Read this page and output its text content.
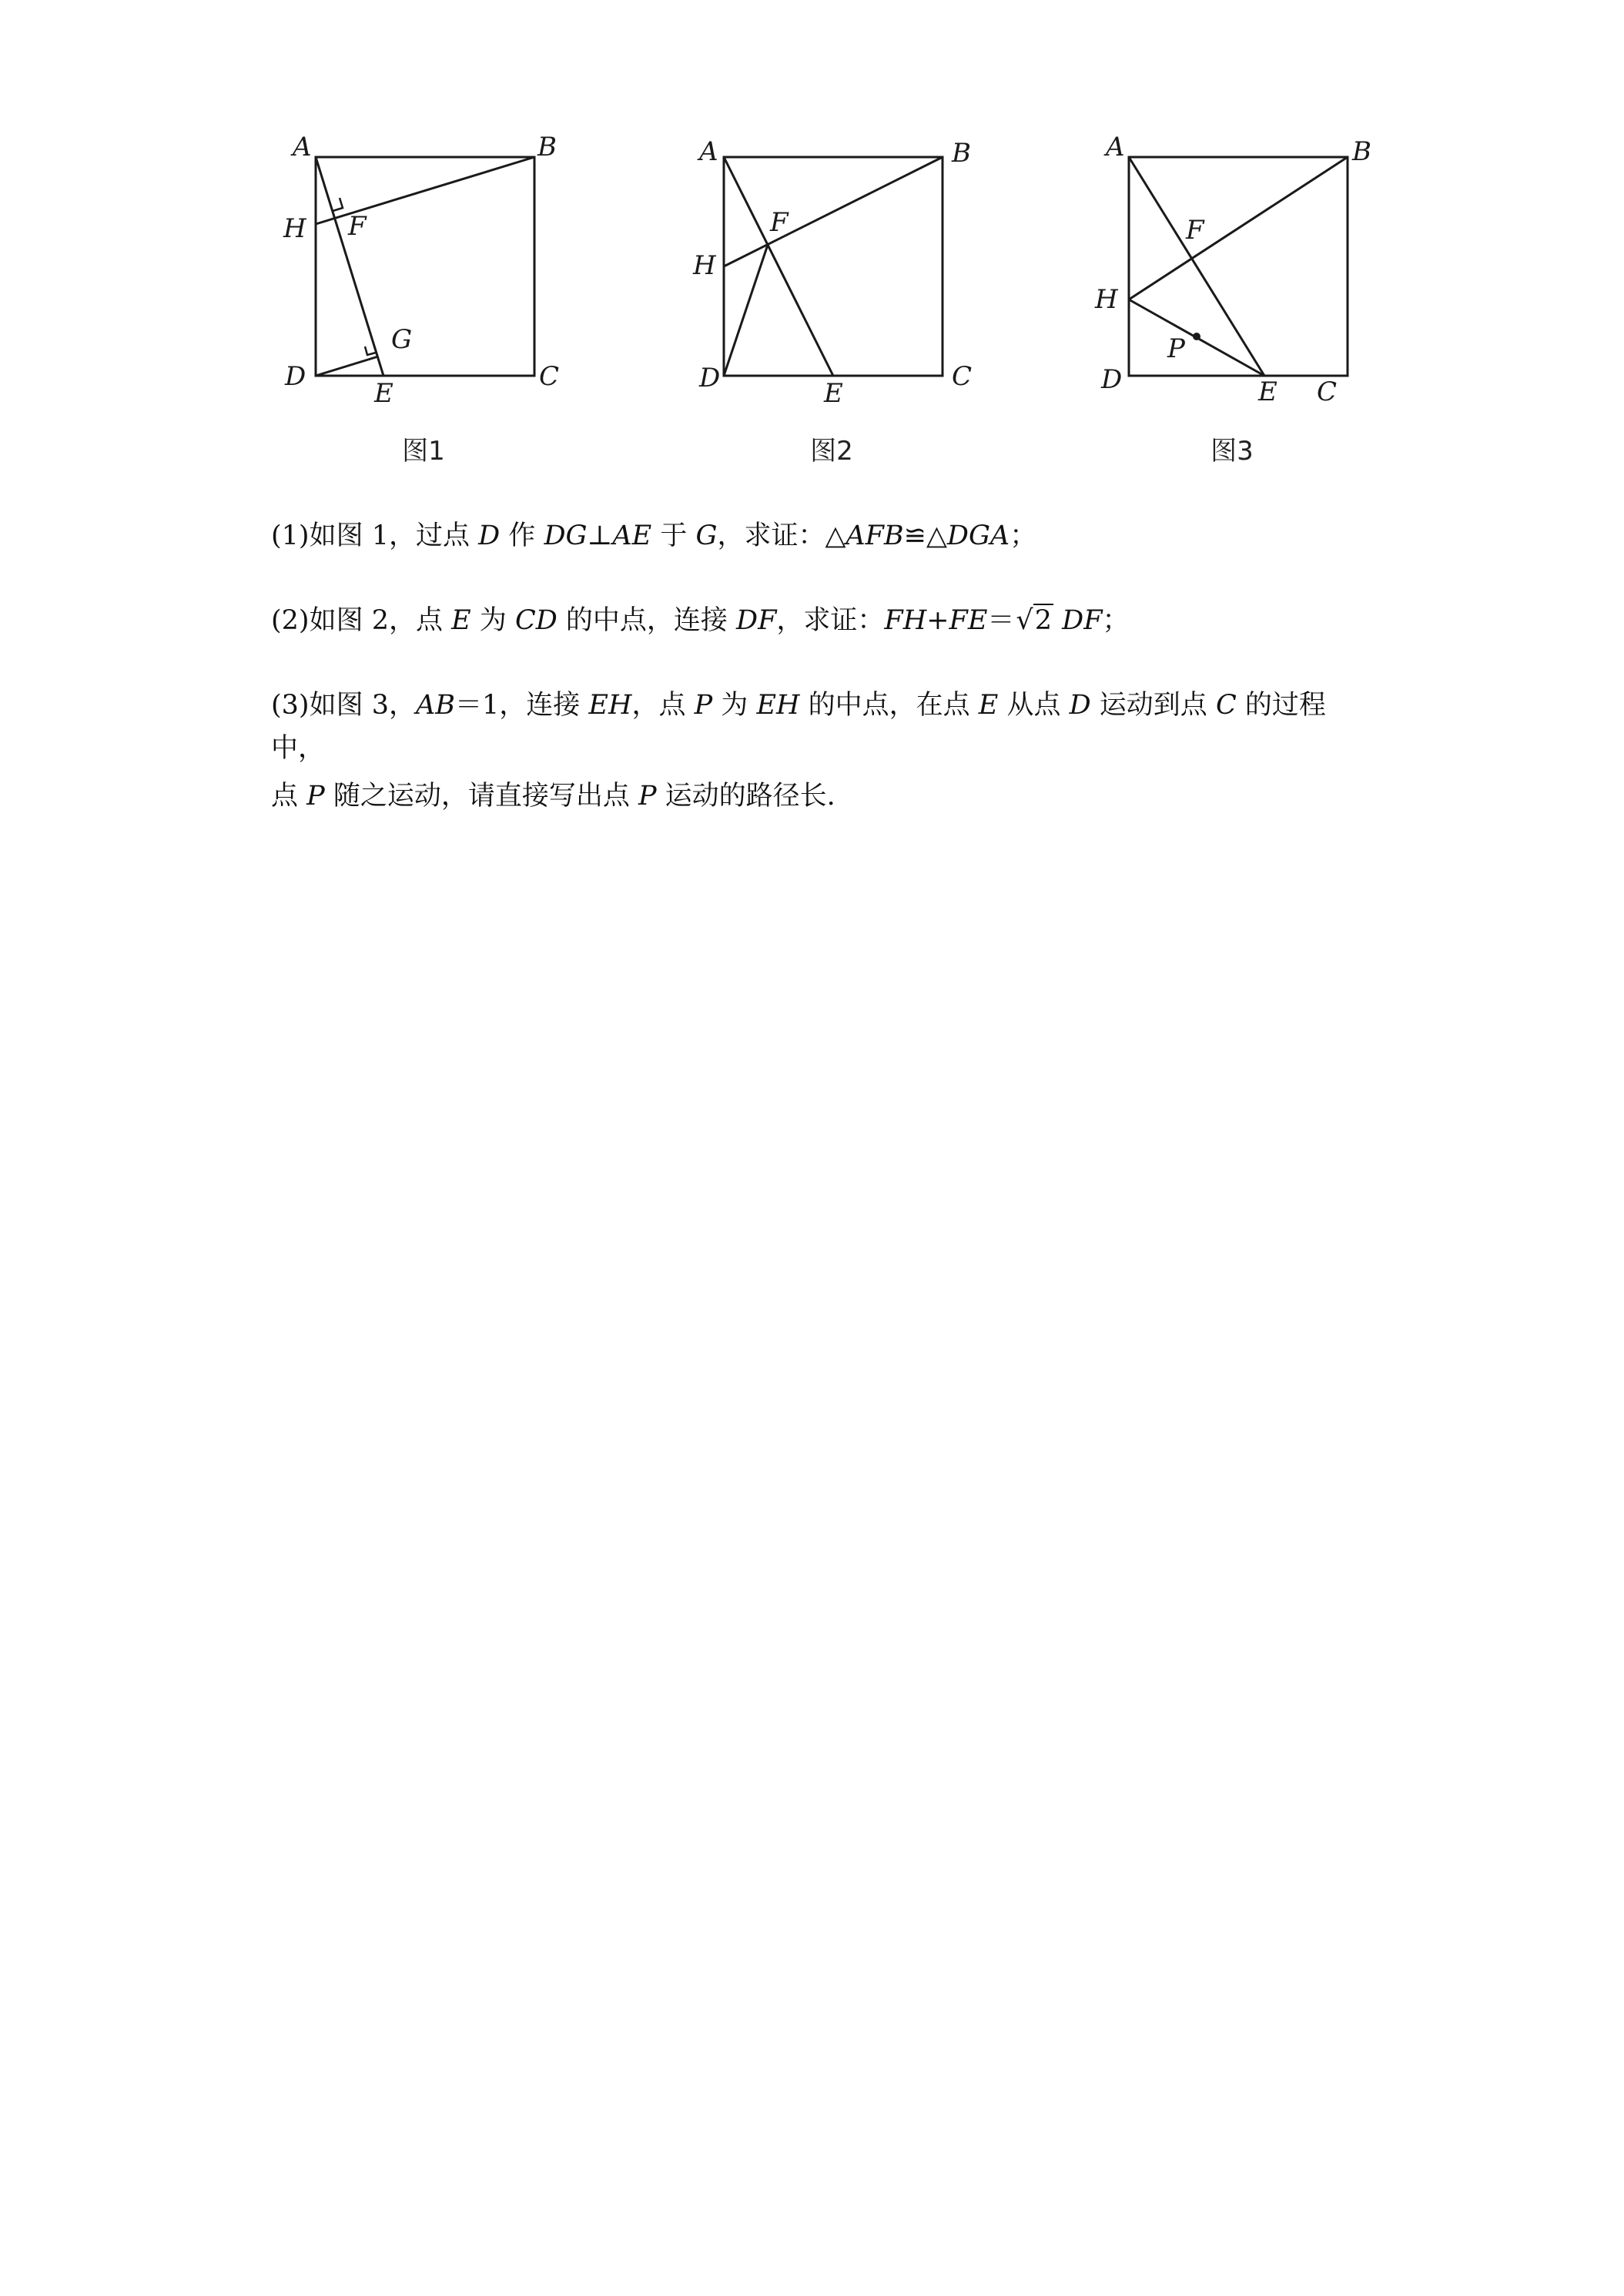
A	B
C
D
E
F
G
H
图1
A	B
C
D	E
F
H
图2
A	B
C
D	E
F
H
P
图3
(1)如图 1，过点 D 作 DG⊥AE 于 G，求证：△AFB≌△DGA；
(2)如图 2，点 E 为 CD 的中点，连接 DF，求证：FH+FE＝√2 DF；
(3)如图 3，AB＝1，连接 EH，点 P 为 EH 的中点，在点 E 从点 D 运动到点 C 的过程中，
点 P 随之运动，请直接写出点 P 运动的路径长.
